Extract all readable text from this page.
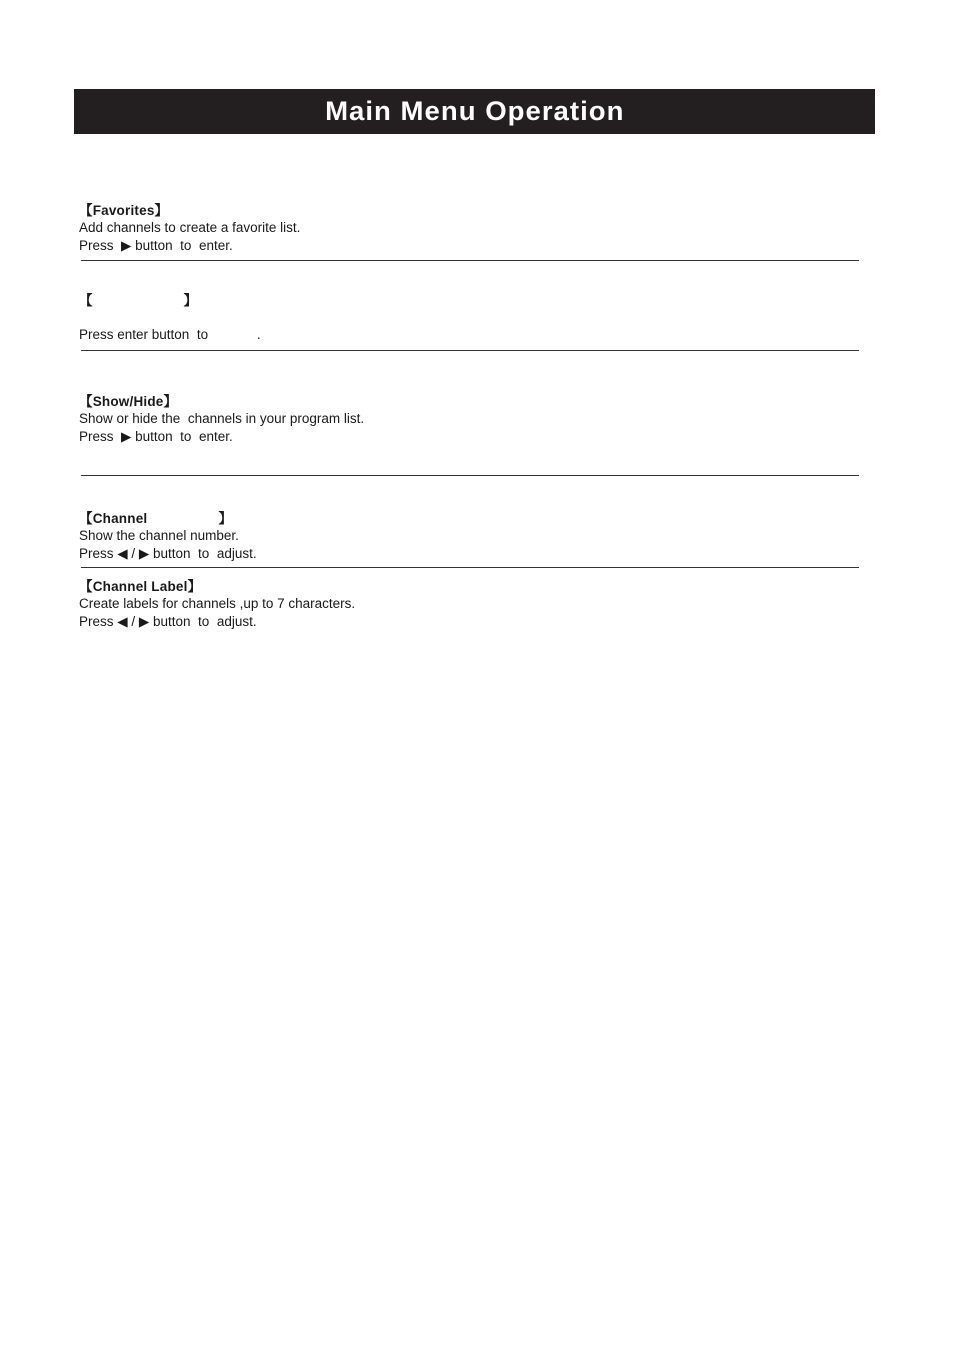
Main Menu Operation
【Favorites】
Add channels to create a favorite list.
Press  ▶ button  to  enter.
【                       】
Press enter button  to             .
【Show/Hide】
Show or hide the  channels in your program list.
Press  ▶ button  to  enter.
【Channel                  】
Show the channel number.
Press ◀ / ▶ button  to  adjust.
【Channel Label】
Create labels for channels ,up to 7 characters.
Press ◀ / ▶ button  to  adjust.
